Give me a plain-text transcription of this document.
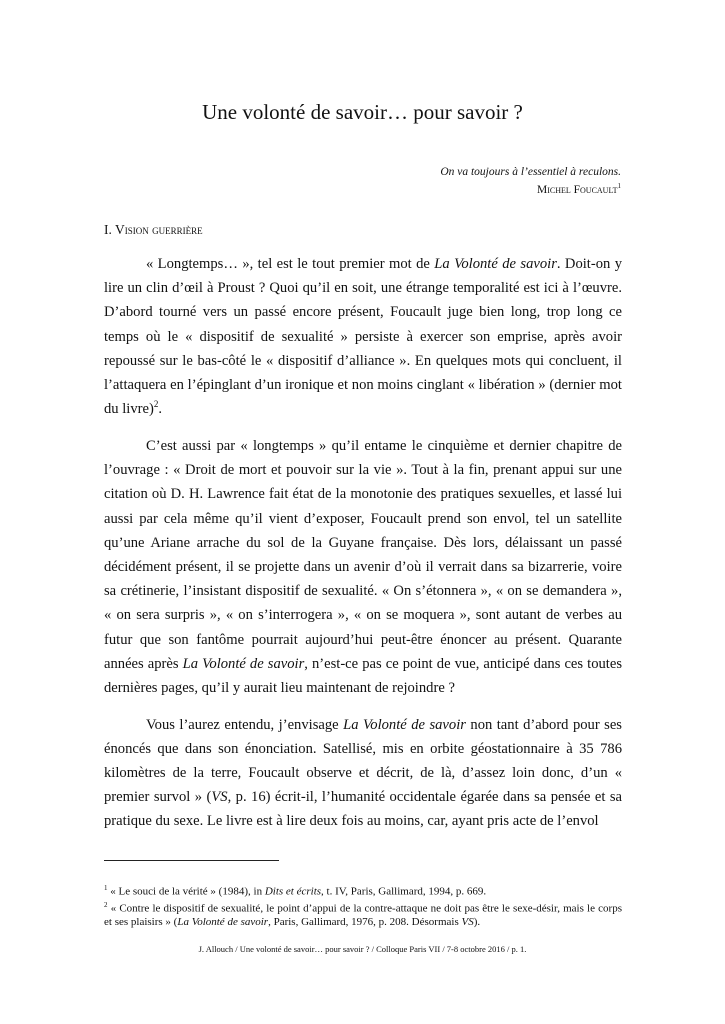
Une volonté de savoir… pour savoir ?
On va toujours à l’essentiel à reculons.
Michel Foucault$^1$
I. Vision guerrière

« Longtemps… », tel est le tout premier mot de La Volonté de savoir. Doit-on y lire un clin d’œil à Proust ? Quoi qu’il en soit, une étrange temporalité est ici à l’œuvre. D’abord tourné vers un passé encore présent, Foucault juge bien long, trop long ce temps où le « dispositif de sexualité » persiste à exercer son emprise, après avoir repoussé sur le bas-côté le « dispositif d’alliance ». En quelques mots qui concluent, il l’attaquera en l’épinglant d’un ironique et non moins cinglant « libération » (dernier mot du livre)$^2$.

C’est aussi par « longtemps » qu’il entame le cinquième et dernier chapitre de l’ouvrage : « Droit de mort et pouvoir sur la vie ». Tout à la fin, prenant appui sur une citation où D. H. Lawrence fait état de la monotonie des pratiques sexuelles, et lassé lui aussi par cela même qu’il vient d’exposer, Foucault prend son envol, tel un satellite qu’une Ariane arrache du sol de la Guyane française. Dès lors, délaissant un passé décidément présent, il se projette dans un avenir d’où il verrait dans sa bizarrerie, voire sa crétinerie, l’insistant dispositif de sexualité. « On s’étonnera », « on se demandera », « on sera surpris », « on s’interrogera », « on se moquera », sont autant de verbes au futur que son fantôme pourrait aujourd’hui peut-être énoncer au présent. Quarante années après La Volonté de savoir, n’est-ce pas ce point de vue, anticipé dans ces toutes dernières pages, qu’il y aurait lieu maintenant de rejoindre ?

Vous l’aurez entendu, j’envisage La Volonté de savoir non tant d’abord pour ses énoncés que dans son énonciation. Satellisé, mis en orbite géostationnaire à 35 786 kilomètres de la terre, Foucault observe et décrit, de là, d’assez loin donc, d’un « premier survol » (VS, p. 16) écrit-il, l’humanité occidentale égarée dans sa pensée et sa pratique du sexe. Le livre est à lire deux fois au moins, car, ayant pris acte de l’envol

$^1$ « Le souci de la vérité » (1984), in Dits et écrits, t. IV, Paris, Gallimard, 1994, p. 669.

$^2$ « Contre le dispositif de sexualité, le point d’appui de la contre-attaque ne doit pas être le sexe-désir, mais le corps et ses plaisirs » (La Volonté de savoir, Paris, Gallimard, 1976, p. 208. Désormais VS).

J. Allouch / Une volonté de savoir… pour savoir ? / Colloque Paris VII / 7-8 octobre 2016 / p. 1.
